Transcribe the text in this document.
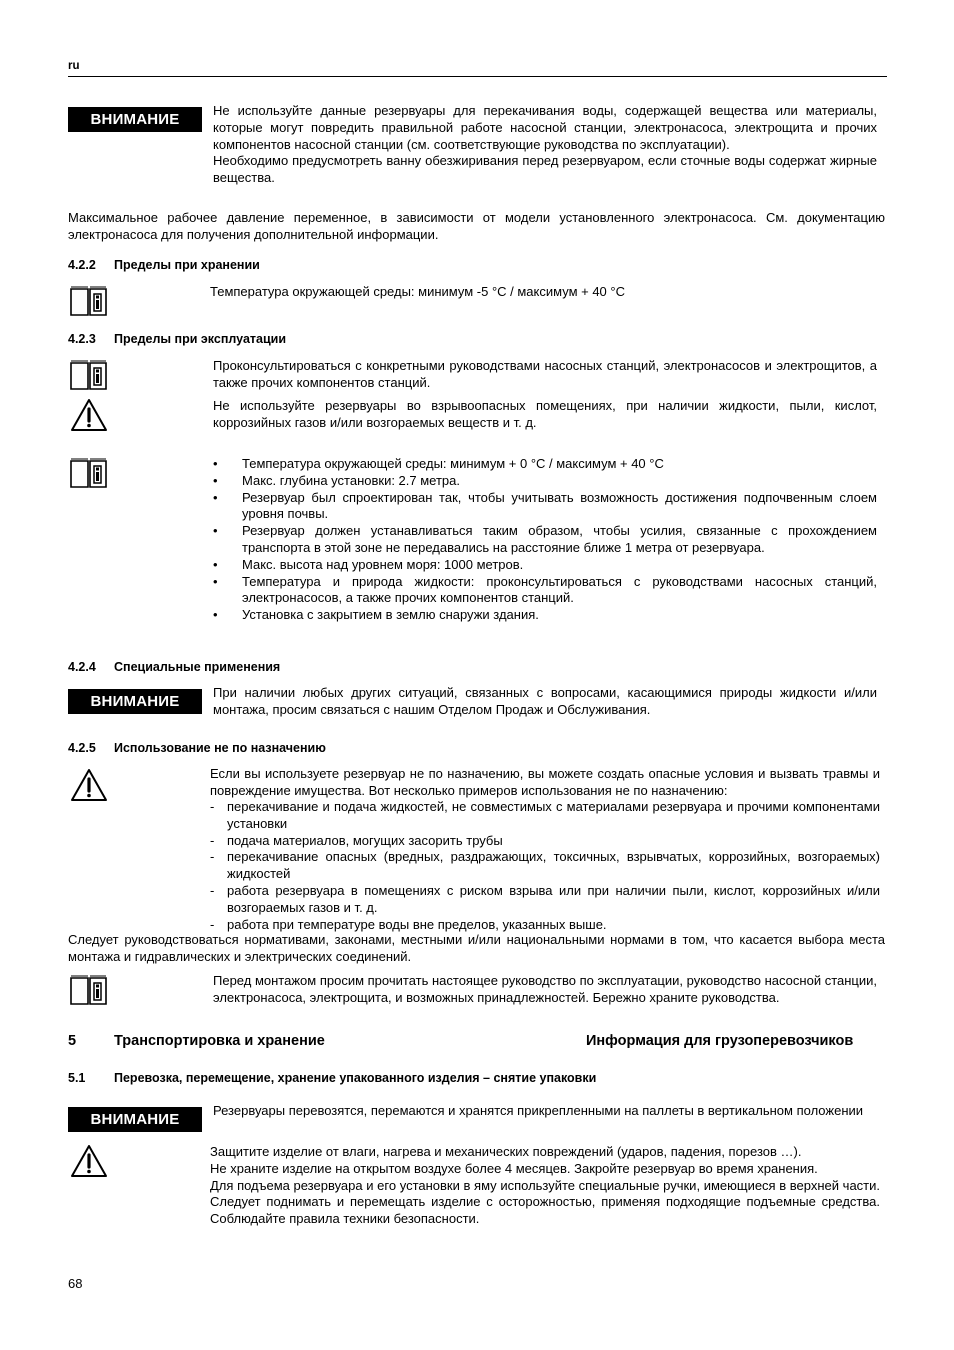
ru
ВНИМАНИЕ

Не используйте данные резервуары для перекачивания воды, содержащей вещества или материалы, которые могут повредить правильной работе насосной станции, электронасоса, электрощита и прочих компонентов насосной станции (см. соответствующие руководства по эксплуатации).

Необходимо предусмотреть ванну обезжиривания перед резервуаром, если сточные воды содержат жирные вещества.

Максимальное рабочее давление переменное, в зависимости от модели установленного электронасоса. См. документацию электронасоса для получения дополнительной информации.
4.2.2 Пределы при хранении
Температура окружающей среды: минимум -5 °C / максимум + 40 °C
4.2.3 Пределы при эксплуатации
Проконсультироваться с конкретными руководствами насосных станций, электронасосов и электрощитов, а также прочих компонентов станций.
Не используйте резервуары во взрывоопасных помещениях, при наличии жидкости, пыли, кислот, коррозийных газов и/или возгораемых веществ и т. д.
• Температура окружающей среды: минимум + 0 °C / максимум + 40 °C
• Макс. глубина установки: 2.7 метра.
• Резервуар был спроектирован так, чтобы учитывать возможность достижения подпочвенным слоем уровня почвы.
• Резервуар должен устанавливаться таким образом, чтобы усилия, связанные с прохождением транспорта в этой зоне не передавались на расстояние ближе 1 метра от резервуара.
• Макс. высота над уровнем моря: 1000 метров.
• Температура и природа жидкости: проконсультироваться с руководствами насосных станций, электронасосов, а также прочих компонентов станций.
• Установка с закрытием в землю снаружи здания.
4.2.4 Специальные применения
ВНИМАНИЕ
При наличии любых других ситуаций, связанных с вопросами, касающимися природы жидкости и/или монтажа, просим связаться с нашим Отделом Продаж и Обслуживания.
4.2.5 Использование не по назначению
Если вы используете резервуар не по назначению, вы можете создать опасные условия и вызвать травмы и повреждение имущества. Вот несколько примеров использования не по назначению:
- перекачивание и подача жидкостей, не совместимых с материалами резервуара и прочими компонентами установки
- подача материалов, могущих засорить трубы
- перекачивание опасных (вредных, раздражающих, токсичных, взрывчатых, коррозийных, возгораемых) жидкостей
- работа резервуара в помещениях с риском взрыва или при наличии пыли, кислот, коррозийных и/или возгораемых газов и т. д.
- работа при температуре воды вне пределов, указанных выше.
Следует руководствоваться нормативами, законами, местными и/или национальными нормами в том, что касается выбора места монтажа и гидравлических и электрических соединений.
Перед монтажом просим прочитать настоящее руководство по эксплуатации, руководство насосной станции, электронасоса, электрощита, и возможных принадлежностей. Бережно храните руководства.
5	Транспортировка и хранение	Информация для грузоперевозчиков
5.1 Перевозка, перемещение, хранение упакованного изделия – снятие упаковки
ВНИМАНИЕ
Резервуары перевозятся, перемаются и хранятся прикрепленными на паллеты в вертикальном положении

Защитите изделие от влаги, нагрева и механических повреждений (ударов, падения, порезов …).

Не храните изделие на открытом воздухе более 4 месяцев. Закройте резервуар во время хранения.

Для подъема резервуара и его установки в яму используйте специальные ручки, имеющиеся в верхней части. Следует поднимать и перемещать изделие с осторожностью, применяя подходящие подъемные средства. Соблюдайте правила техники безопасности.

68
